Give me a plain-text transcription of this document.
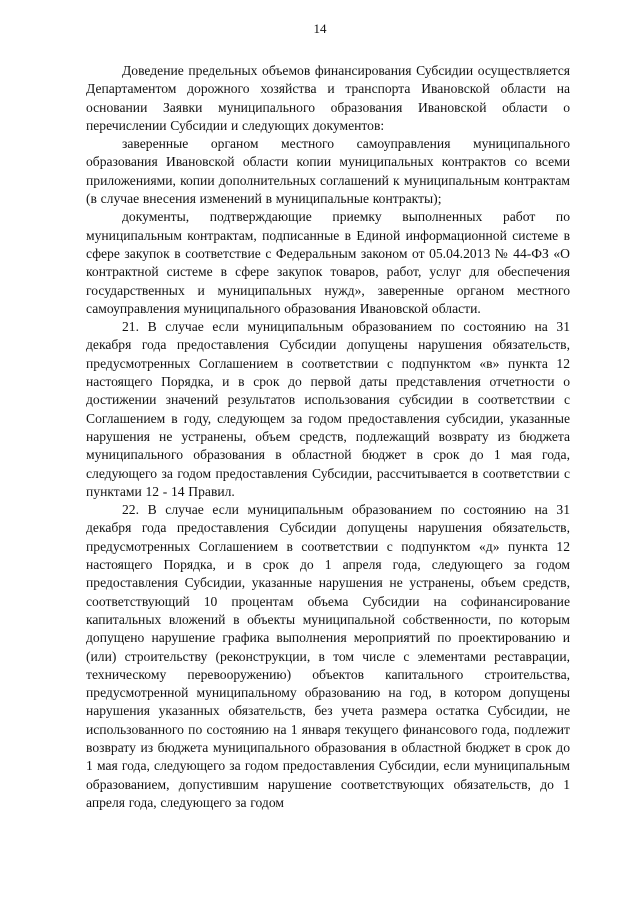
14

Доведение предельных объемов финансирования Субсидии осуществляется Департаментом дорожного хозяйства и транспорта Ивановской области на основании Заявки муниципального образования Ивановской области о перечислении Субсидии и следующих документов:

заверенные органом местного самоуправления муниципального образования Ивановской области копии муниципальных контрактов со всеми приложениями, копии дополнительных соглашений к муниципальным контрактам (в случае внесения изменений в муниципальные контракты);

документы, подтверждающие приемку выполненных работ по муниципальным контрактам, подписанные в Единой информационной системе в сфере закупок в соответствие с Федеральным законом от 05.04.2013 № 44-ФЗ «О контрактной системе в сфере закупок товаров, работ, услуг для обеспечения государственных и муниципальных нужд», заверенные органом местного самоуправления муниципального образования Ивановской области.

21. В случае если муниципальным образованием по состоянию на 31 декабря года предоставления Субсидии допущены нарушения обязательств, предусмотренных Соглашением в соответствии с подпунктом «в» пункта 12 настоящего Порядка, и в срок до первой даты представления отчетности о достижении значений результатов использования субсидии в соответствии с Соглашением в году, следующем за годом предоставления субсидии, указанные нарушения не устранены, объем средств, подлежащий возврату из бюджета муниципального образования в областной бюджет в срок до 1 мая года, следующего за годом предоставления Субсидии, рассчитывается в соответствии с пунктами 12 - 14 Правил.

22. В случае если муниципальным образованием по состоянию на 31 декабря года предоставления Субсидии допущены нарушения обязательств, предусмотренных Соглашением в соответствии с подпунктом «д» пункта 12 настоящего Порядка, и в срок до 1 апреля года, следующего за годом предоставления Субсидии, указанные нарушения не устранены, объем средств, соответствующий 10 процентам объема Субсидии на софинансирование капитальных вложений в объекты муниципальной собственности, по которым допущено нарушение графика выполнения мероприятий по проектированию и (или) строительству (реконструкции, в том числе с элементами реставрации, техническому перевооружению) объектов капитального строительства, предусмотренной муниципальному образованию на год, в котором допущены нарушения указанных обязательств, без учета размера остатка Субсидии, не использованного по состоянию на 1 января текущего финансового года, подлежит возврату из бюджета муниципального образования в областной бюджет в срок до 1 мая года, следующего за годом предоставления Субсидии, если муниципальным образованием, допустившим нарушение соответствующих обязательств, до 1 апреля года, следующего за годом
